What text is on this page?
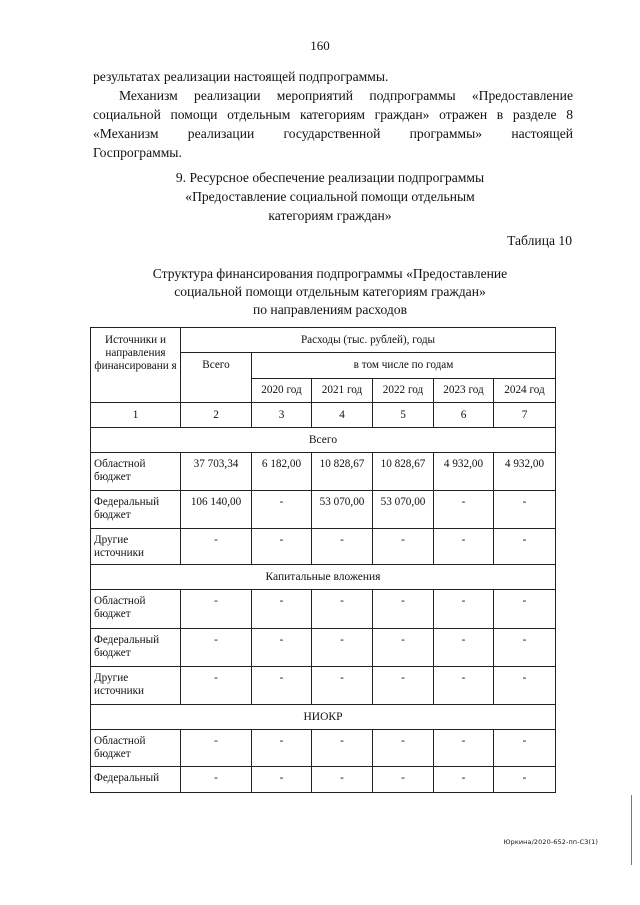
160
результатах реализации настоящей подпрограммы.
Механизм реализации мероприятий подпрограммы «Предоставление
социальной помощи отдельным категориям граждан» отражен в разделе 8
«Механизм реализации государственной программы» настоящей
Госпрограммы.
9. Ресурсное обеспечение реализации подпрограммы
«Предоставление социальной помощи отдельным
категориям граждан»
Таблица 10
Структура финансирования подпрограммы «Предоставление
социальной помощи отдельным категориям граждан»
по направлениям расходов
Источники и направления финансировани я	Расходы (тыс. рублей), годы					
	Всего	в том числе по годам				
		2020 год	2021 год	2022 год	2023 год	2024 год
1	2	3	4	5	6	7
Всего						
Областной бюджет	37 703,34	6 182,00	10 828,67	10 828,67	4 932,00	4 932,00
Федеральный бюджет	106 140,00	-	53 070,00	53 070,00	-	-
Другие источники	-	-	-	-	-	-
Капитальные вложения						
Областной бюджет	-	-	-	-	-	-
Федеральный бюджет	-	-	-	-	-	-
Другие источники	-	-	-	-	-	-
НИОКР						
Областной бюджет	-	-	-	-	-	-
Федеральный	-	-	-	-	-	-
Юркина/2020-652-пп-СЗ(1)
